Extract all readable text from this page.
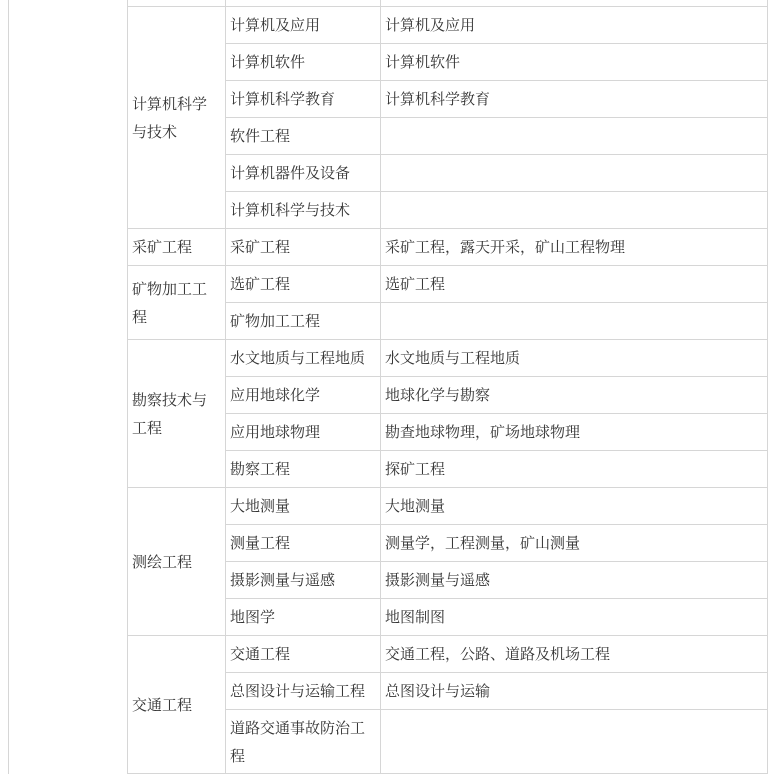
计算机科学与技术	计算机及应用	计算机及应用
	计算机软件	计算机软件
	计算机科学教育	计算机科学教育
	软件工程	
	计算机器件及设备	
	计算机科学与技术	
采矿工程	采矿工程	采矿工程，露天开采，矿山工程物理
矿物加工工程	选矿工程	选矿工程
	矿物加工工程	
勘察技术与工程	水文地质与工程地质	水文地质与工程地质
	应用地球化学	地球化学与勘察
	应用地球物理	勘查地球物理，矿场地球物理
	勘察工程	探矿工程
测绘工程	大地测量	大地测量
	测量工程	测量学，工程测量，矿山测量
	摄影测量与遥感	摄影测量与遥感
	地图学	地图制图
交通工程	交通工程	交通工程，公路、道路及机场工程
	总图设计与运输工程	总图设计与运输
	道路交通事故防治工程	
